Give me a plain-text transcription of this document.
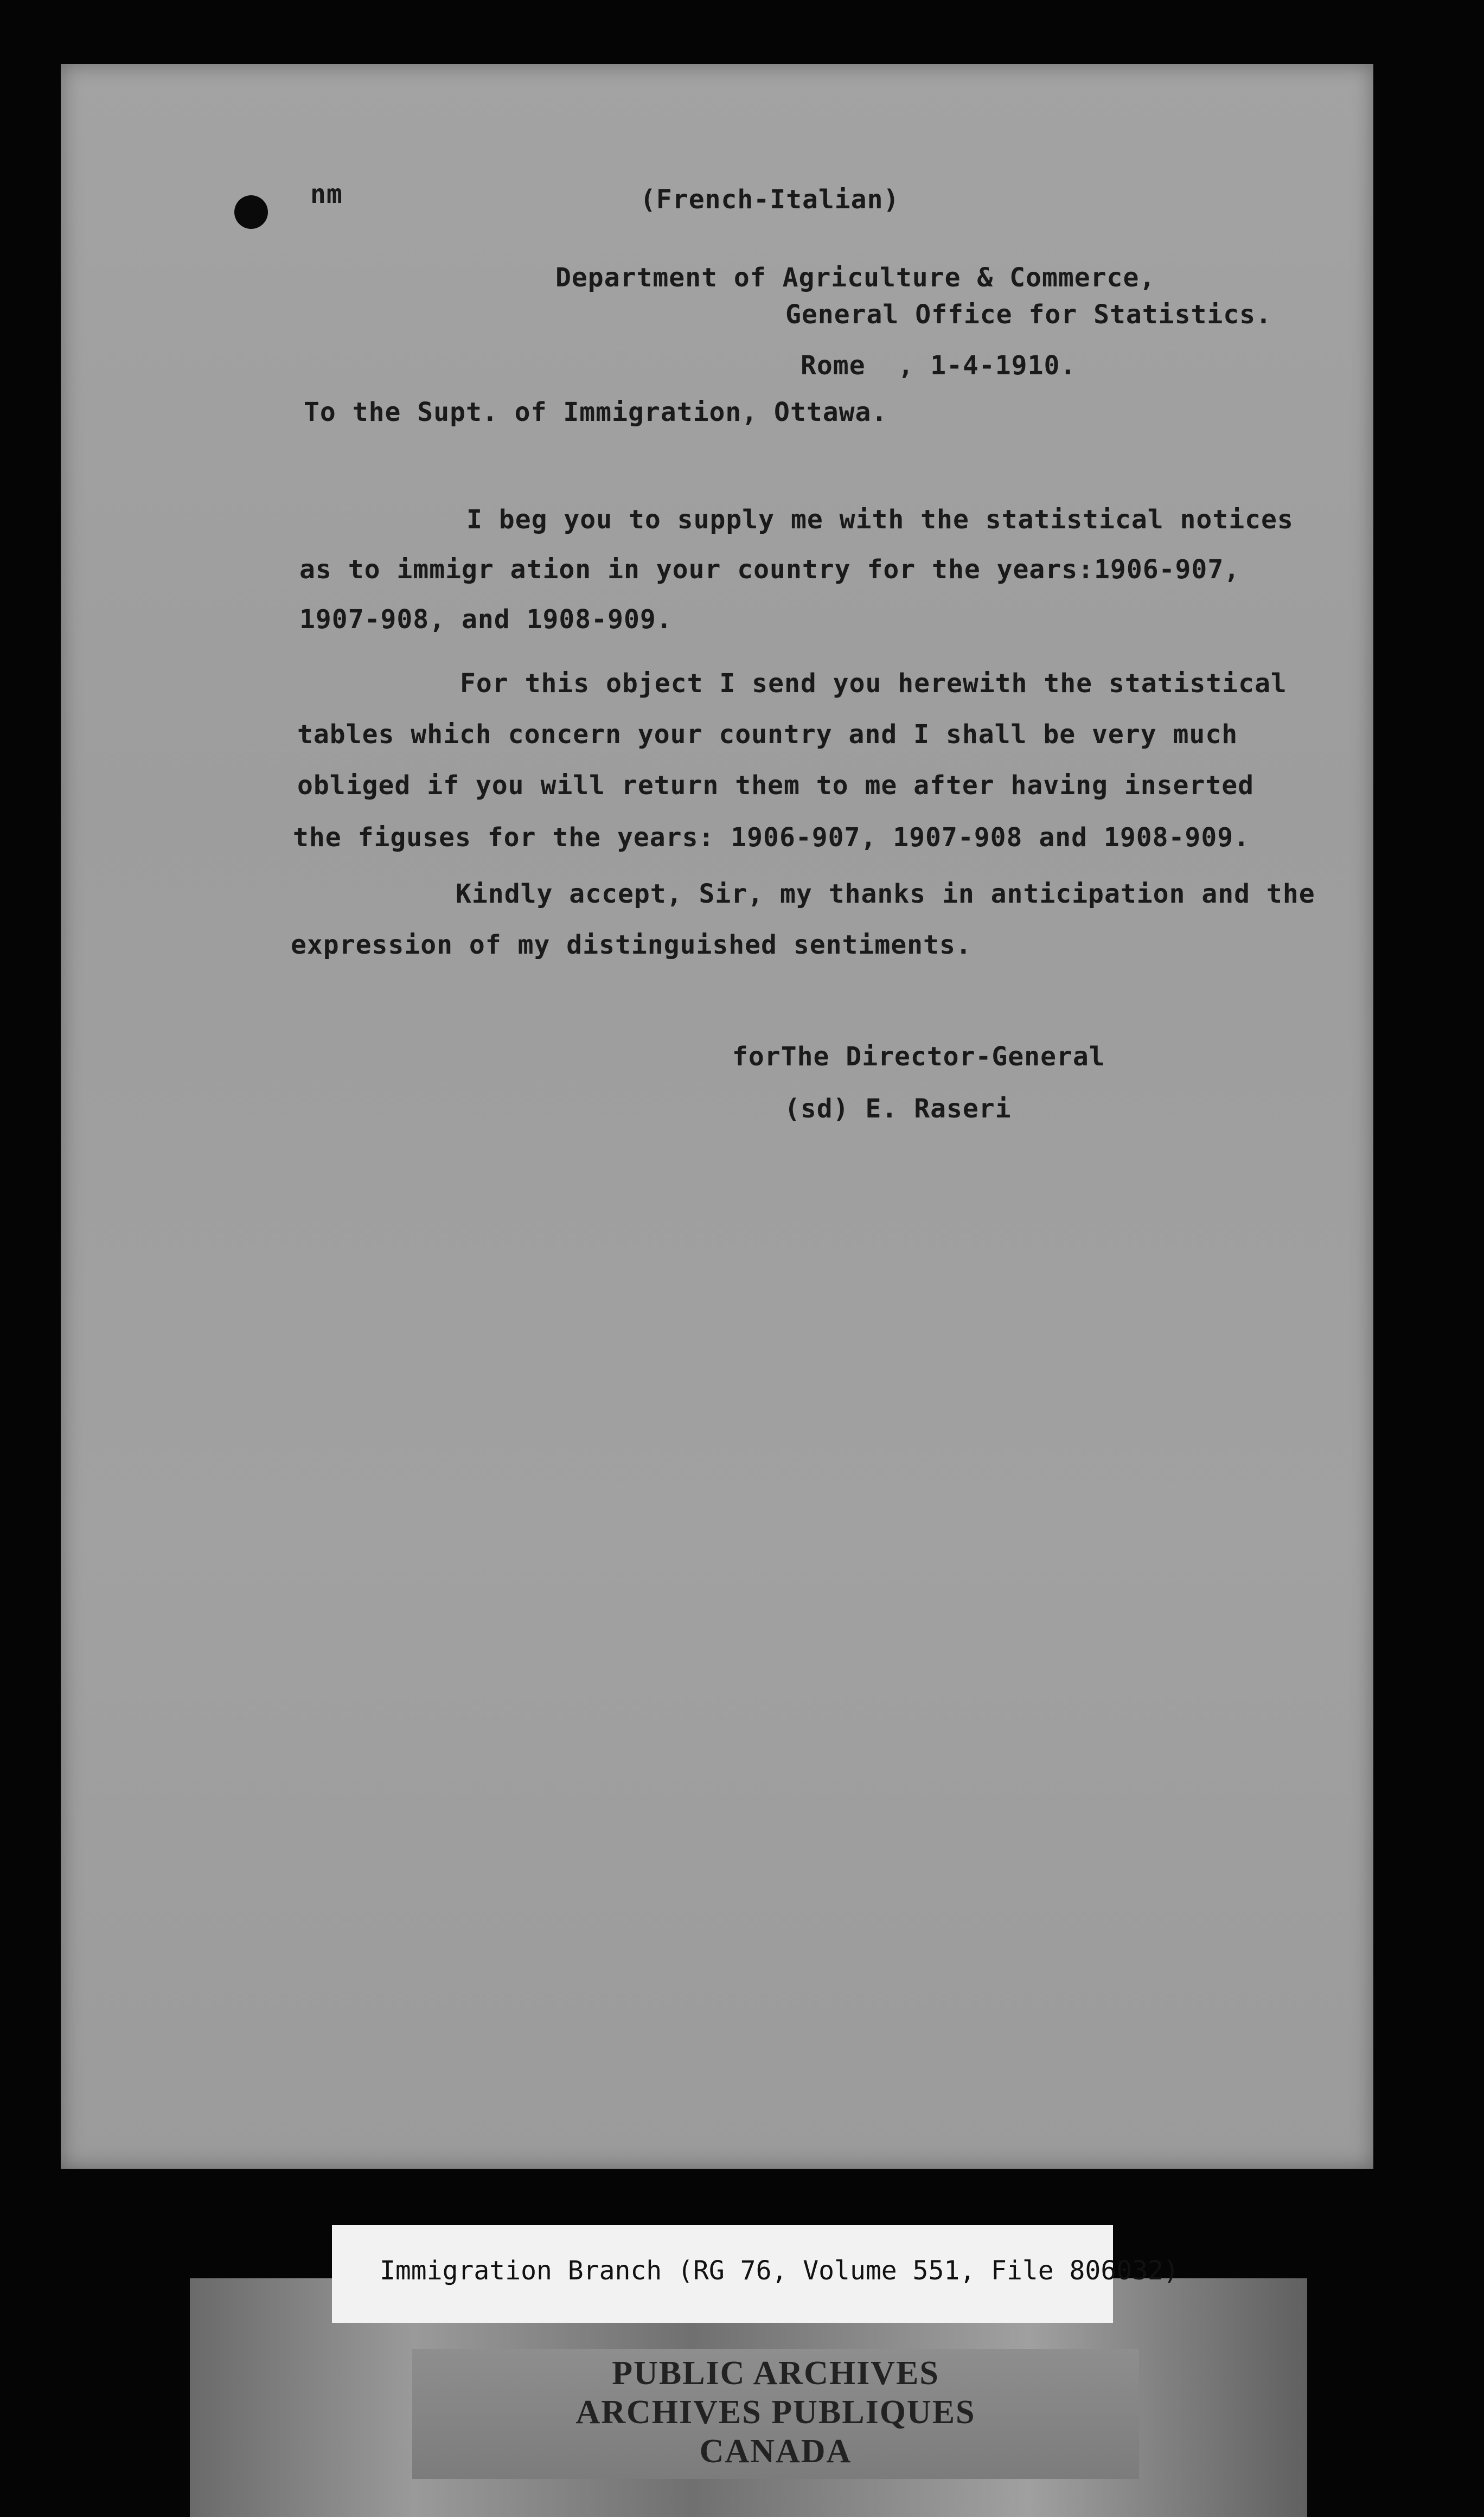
nm	(French-Italian)
Department of Agriculture & Commerce,
General Office for Statistics.
Rome  , 1-4-1910.
To the Supt. of Immigration, Ottawa.
I beg you to supply me with the statistical notices
as to immigr ation in your country for the years:1906-907,
1907-908, and 1908-909.
For this object I send you herewith the statistical
tables which concern your country and I shall be very much
obliged if you will return them to me after having inserted
the figuses for the years: 1906-907, 1907-908 and 1908-909.
Kindly accept, Sir, my thanks in anticipation and the
expression of my distinguished sentiments.
forThe Director-General
(sd) E. Raseri
Immigration Branch (RG 76, Volume 551, File 806032)
PUBLIC ARCHIVES
ARCHIVES PUBLIQUES
CANADA
